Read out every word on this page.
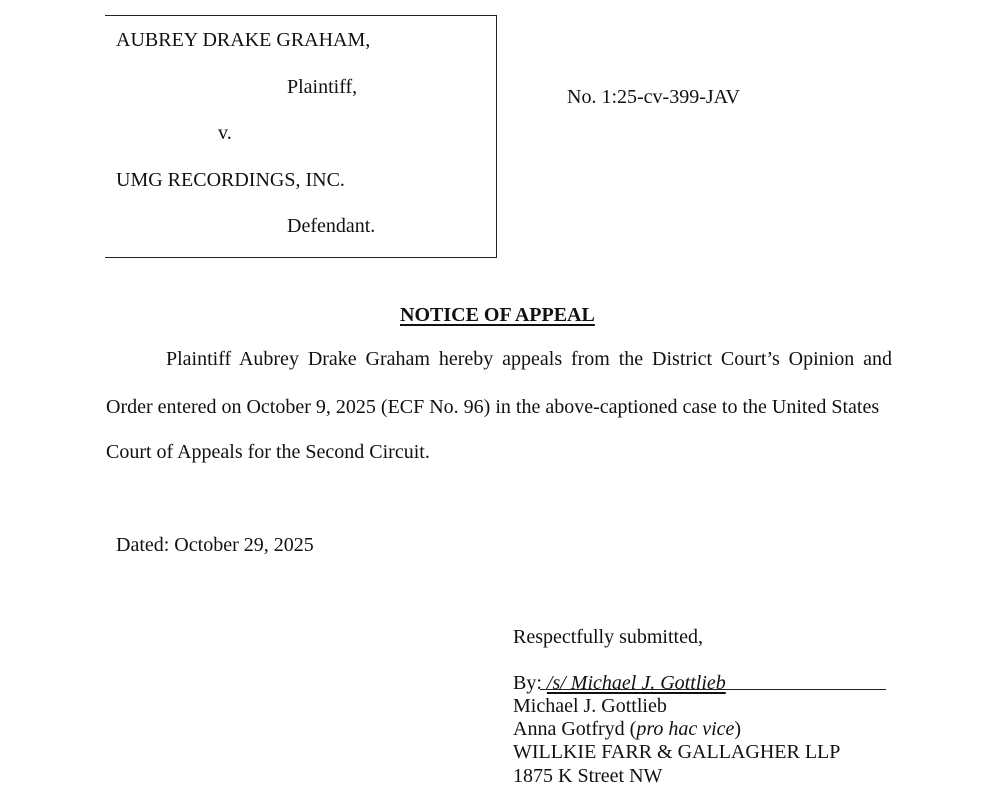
AUBREY DRAKE GRAHAM,
Plaintiff,
v.
UMG RECORDINGS, INC.
Defendant.
No. 1:25-cv-399-JAV
NOTICE OF APPEAL
Plaintiff Aubrey Drake Graham hereby appeals from the District Court’s Opinion and
Order entered on October 9, 2025 (ECF No. 96) in the above-captioned case to the United States
Court of Appeals for the Second Circuit.
Dated: October 29, 2025
Respectfully submitted,
By: /s/ Michael J. Gottlieb
Michael J. Gottlieb
Anna Gotfryd (pro hac vice)
WILLKIE FARR & GALLAGHER LLP
1875 K Street NW
